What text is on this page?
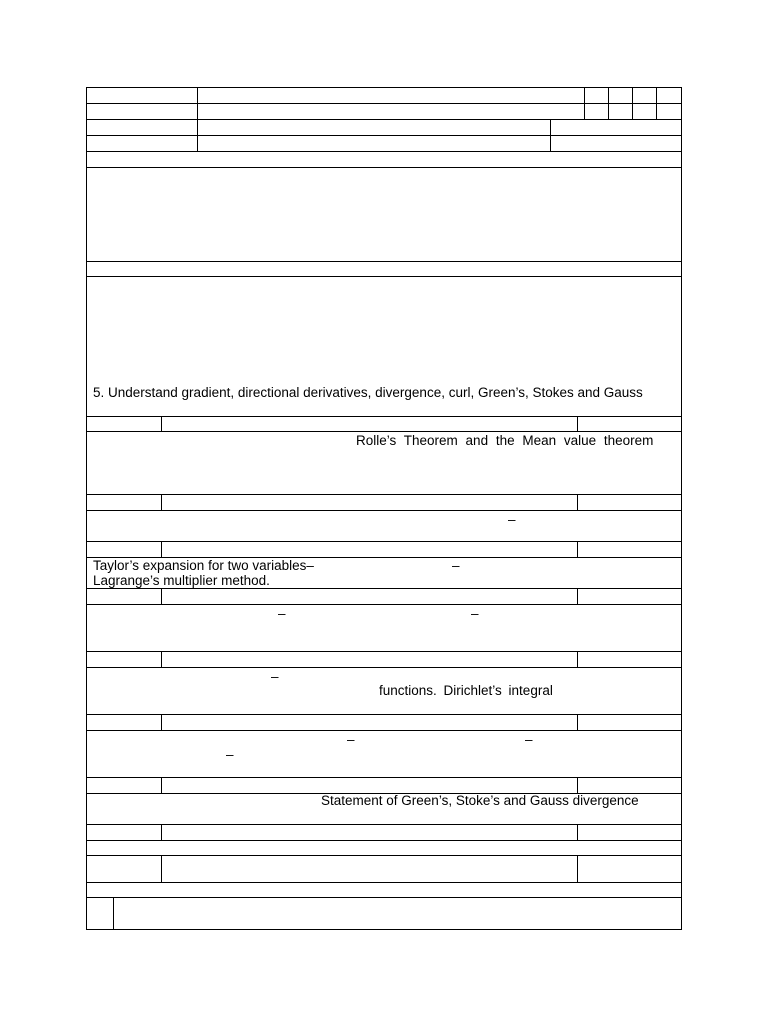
5. Understand gradient, directional derivatives, divergence, curl, Green’s, Stokes and Gauss
Rolle’s Theorem and the Mean value theorem
–
Taylor’s expansion for two variables–	–
Lagrange’s multiplier method.
–	–
–
functions. Dirichlet’s integral
–	–
–
Statement of Green’s, Stoke’s and Gauss divergence
